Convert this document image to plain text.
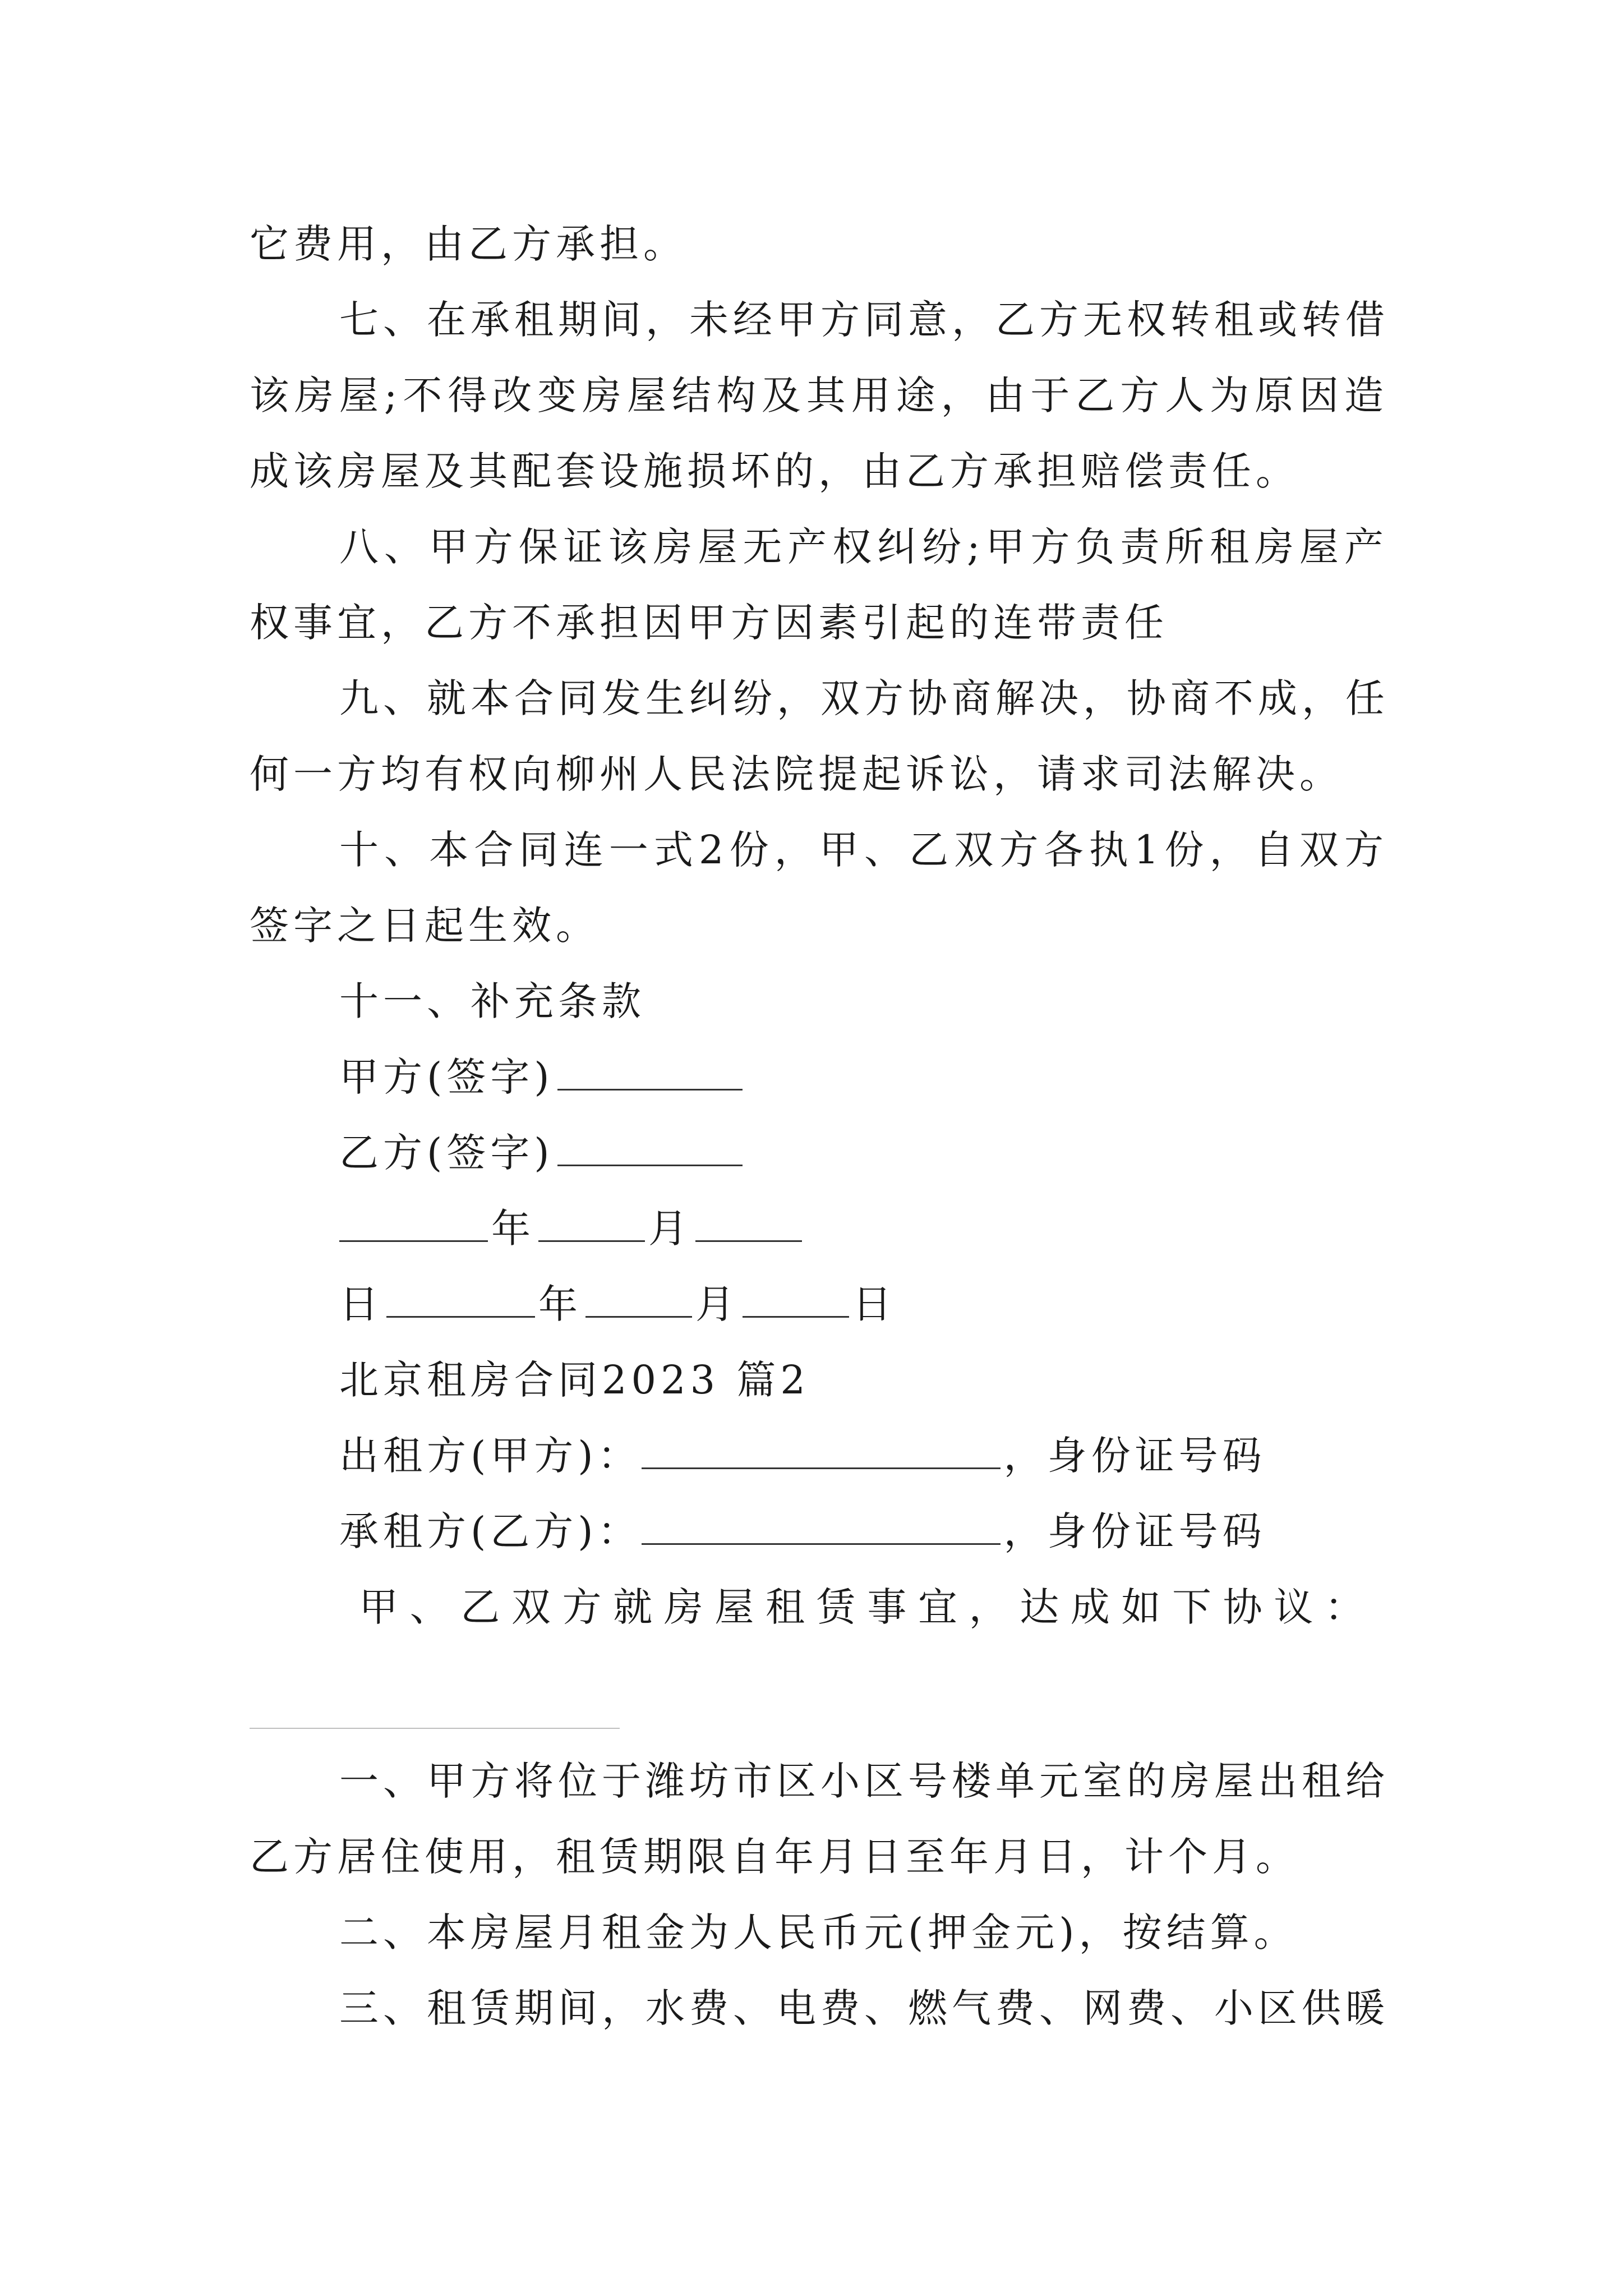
它费用，由乙方承担。
七、在承租期间，未经甲方同意，乙方无权转租或转借
该房屋;不得改变房屋结构及其用途，由于乙方人为原因造
成该房屋及其配套设施损坏的，由乙方承担赔偿责任。
八、甲方保证该房屋无产权纠纷;甲方负责所租房屋产
权事宜，乙方不承担因甲方因素引起的连带责任
九、就本合同发生纠纷，双方协商解决，协商不成，任
何一方均有权向柳州人民法院提起诉讼，请求司法解决。
十、本合同连一式2份，甲、乙双方各执1份，自双方
签字之日起生效。
十一、补充条款
甲方(签字)
乙方(签字)
年	月
日	年	月	日
北京租房合同2023 篇2
出租方(甲方)：	，身份证号码
承租方(乙方)：	，身份证号码
甲、乙双方就房屋租赁事宜，达成如下协议：
一、甲方将位于潍坊市区小区号楼单元室的房屋出租给
乙方居住使用，租赁期限自年月日至年月日，计个月。
二、本房屋月租金为人民币元(押金元)，按结算。
三、租赁期间，水费、电费、燃气费、网费、小区供暖
